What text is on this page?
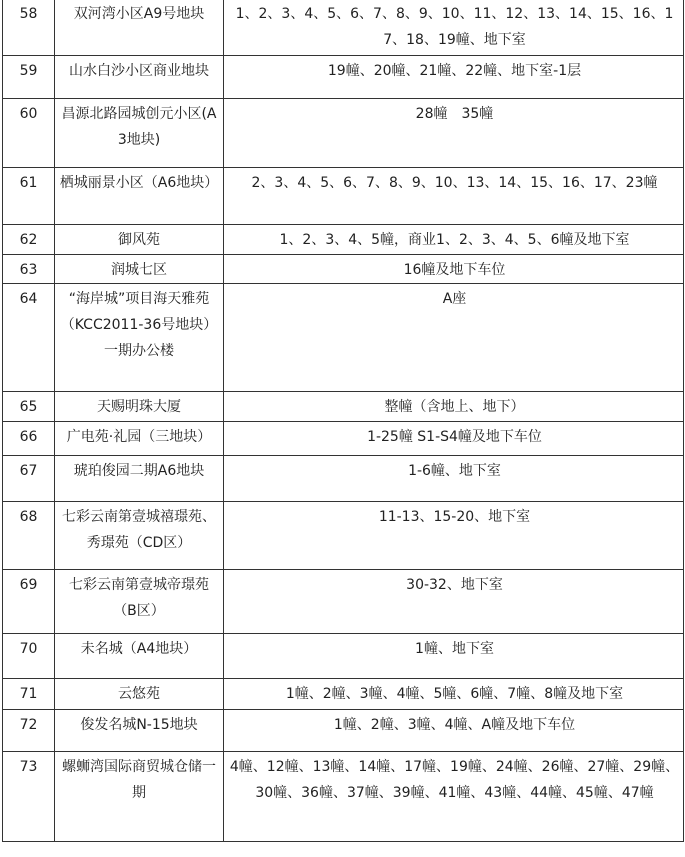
58	双河湾小区A9号地块	1、2、3、4、5、6、7、8、9、10、11、12、13、14、15、16、17、18、19幢、地下室
59	山水白沙小区商业地块	19幢、20幢、21幢、22幢、地下室-1层
60	昌源北路园城创元小区(A3地块)	28幢　35幢
61	栖城丽景小区（A6地块）	2、3、4、5、6、7、8、9、10、13、14、15、16、17、23幢
62	御风苑	1、2、3、4、5幢，商业1、2、3、4、5、6幢及地下室
63	润城七区	16幢及地下车位
64	“海岸城”项目海天雅苑（KCC2011-36号地块）一期办公楼	A座
65	天赐明珠大厦	整幢（含地上、地下）
66	广电苑·礼园（三地块）	1-25幢 S1-S4幢及地下车位
67	琥珀俊园二期A6地块	1-6幢、地下室
68	七彩云南第壹城禧璟苑、秀璟苑（CD区）	11-13、15-20、地下室
69	七彩云南第壹城帝璟苑（B区）	30-32、地下室
70	未名城（A4地块）	1幢、地下室
71	云悠苑	1幢、2幢、3幢、4幢、5幢、6幢、7幢、8幢及地下室
72	俊发名城N-15地块	1幢、2幢、3幢、4幢、A幢及地下车位
73	螺蛳湾国际商贸城仓储一期	4幢、12幢、13幢、14幢、17幢、19幢、24幢、26幢、27幢、29幢、30幢、36幢、37幢、39幢、41幢、43幢、44幢、45幢、47幢
